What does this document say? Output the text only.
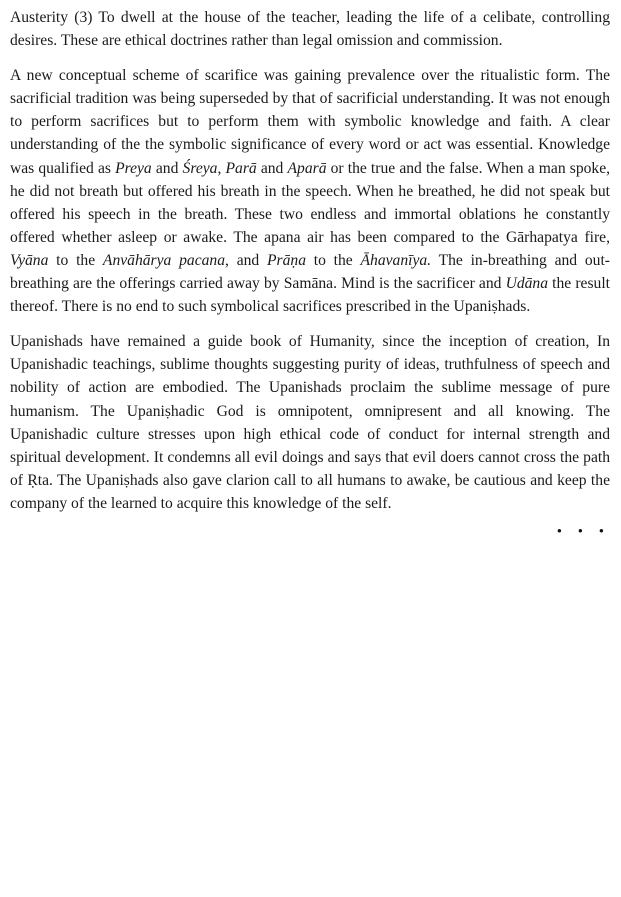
Austerity (3) To dwell at the house of the teacher, leading the life of a celibate, controlling desires. These are ethical doctrines rather than legal omission and commission.

A new conceptual scheme of scarifice was gaining prevalence over the ritualistic form. The sacrificial tradition was being superseded by that of sacrificial understanding. It was not enough to perform sacrifices but to perform them with symbolic knowledge and faith. A clear understanding of the the symbolic significance of every word or act was essential. Knowledge was qualified as Preya and Śreya, Parā and Aparā or the true and the false. When a man spoke, he did not breath but offered his breath in the speech. When he breathed, he did not speak but offered his speech in the breath. These two endless and immortal oblations he constantly offered whether asleep or awake. The apana air has been compared to the Gārhapatya fire, Vyāna to the Anvāhārya pacana, and Prāṇa to the Āhavanīya. The in-breathing and out-breathing are the offerings carried away by Samāna. Mind is the sacrificer and Udāna the result thereof. There is no end to such symbolical sacrifices prescribed in the Upaniṣhads.

Upanishads have remained a guide book of Humanity, since the inception of creation, In Upanishadic teachings, sublime thoughts suggesting purity of ideas, truthfulness of speech and nobility of action are embodied. The Upanishads proclaim the sublime message of pure humanism. The Upaniṣhadic God is omnipotent, omnipresent and all knowing. The Upanishadic culture stresses upon high ethical code of conduct for internal strength and spiritual development. It condemns all evil doings and says that evil doers cannot cross the path of Ṛta. The Upaniṣhads also gave clarion call to all humans to awake, be cautious and keep the company of the learned to acquire this knowledge of the self.

• • •
